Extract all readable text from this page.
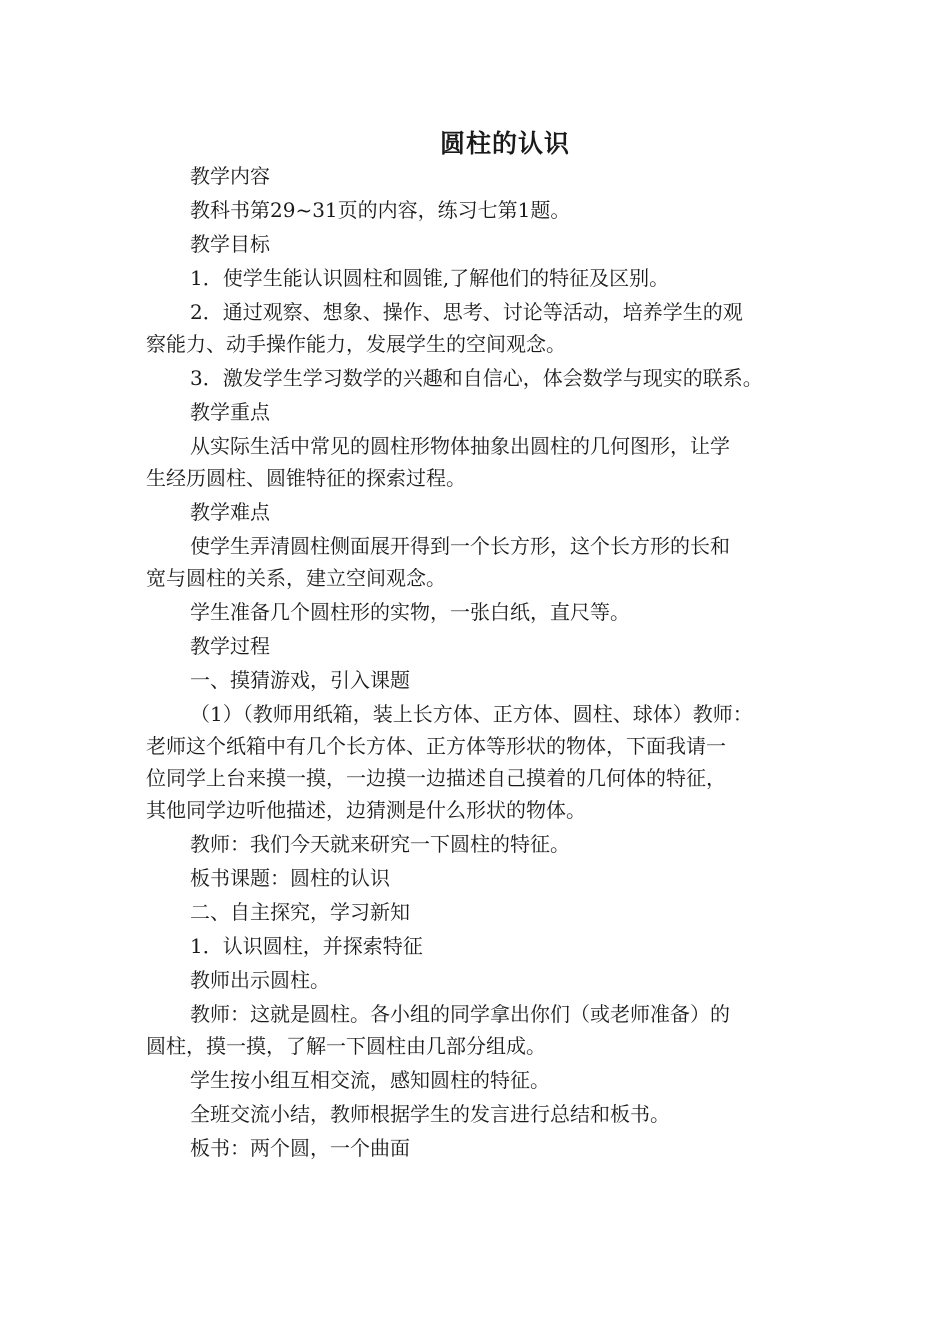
圆柱的认识
教学内容
教科书第29~31页的内容，练习七第1题。
教学目标
1．使学生能认识圆柱和圆锥,了解他们的特征及区别。
2．通过观察、想象、操作、思考、讨论等活动，培养学生的观
察能力、动手操作能力，发展学生的空间观念。
3．激发学生学习数学的兴趣和自信心，体会数学与现实的联系。
教学重点
从实际生活中常见的圆柱形物体抽象出圆柱的几何图形，让学
生经历圆柱、圆锥特征的探索过程。
教学难点
使学生弄清圆柱侧面展开得到一个长方形，这个长方形的长和
宽与圆柱的关系，建立空间观念。
学生准备几个圆柱形的实物，一张白纸，直尺等。
教学过程
一、摸猜游戏，引入课题
（1）（教师用纸箱，装上长方体、正方体、圆柱、球体）教师：
老师这个纸箱中有几个长方体、正方体等形状的物体，下面我请一
位同学上台来摸一摸，一边摸一边描述自己摸着的几何体的特征，
其他同学边听他描述，边猜测是什么形状的物体。
教师：我们今天就来研究一下圆柱的特征。
板书课题：圆柱的认识
二、自主探究，学习新知
1．认识圆柱，并探索特征
教师出示圆柱。
教师：这就是圆柱。各小组的同学拿出你们（或老师准备）的
圆柱，摸一摸，了解一下圆柱由几部分组成。
学生按小组互相交流，感知圆柱的特征。
全班交流小结，教师根据学生的发言进行总结和板书。
板书：两个圆，一个曲面
